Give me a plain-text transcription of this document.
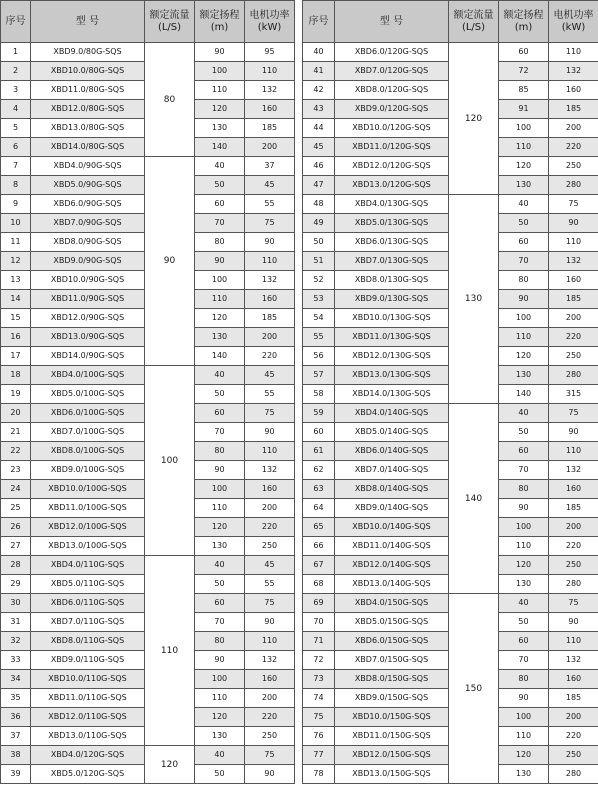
序号	型 号	额定流量
(L/S)	额定扬程
(m)	电机功率
(kW)

1	XBD9.0/80G-SQS	80	90	95
2	XBD10.0/80G-SQS		100	110
3	XBD11.0/80G-SQS		110	132
4	XBD12.0/80G-SQS		120	160
5	XBD13.0/80G-SQS		130	185
6	XBD14.0/80G-SQS		140	200
7	XBD4.0/90G-SQS	90	40	37
8	XBD5.0/90G-SQS		50	45
9	XBD6.0/90G-SQS		60	55
10	XBD7.0/90G-SQS		70	75
11	XBD8.0/90G-SQS		80	90
12	XBD9.0/90G-SQS		90	110
13	XBD10.0/90G-SQS		100	132
14	XBD11.0/90G-SQS		110	160
15	XBD12.0/90G-SQS		120	185
16	XBD13.0/90G-SQS		130	200
17	XBD14.0/90G-SQS		140	220
18	XBD4.0/100G-SQS	100	40	45
19	XBD5.0/100G-SQS		50	55
20	XBD6.0/100G-SQS		60	75
21	XBD7.0/100G-SQS		70	90
22	XBD8.0/100G-SQS		80	110
23	XBD9.0/100G-SQS		90	132
24	XBD10.0/100G-SQS		100	160
25	XBD11.0/100G-SQS		110	200
26	XBD12.0/100G-SQS		120	220
27	XBD13.0/100G-SQS		130	250
28	XBD4.0/110G-SQS	110	40	45
29	XBD5.0/110G-SQS		50	55
30	XBD6.0/110G-SQS		60	75
31	XBD7.0/110G-SQS		70	90
32	XBD8.0/110G-SQS		80	110
33	XBD9.0/110G-SQS		90	132
34	XBD10.0/110G-SQS		100	160
35	XBD11.0/110G-SQS		110	200
36	XBD12.0/110G-SQS		120	220
37	XBD13.0/110G-SQS		130	250
38	XBD4.0/120G-SQS	120	40	75
39	XBD5.0/120G-SQS		50	90
序号	型 号	额定流量
(L/S)	额定扬程
(m)	电机功率
(kW)

40	XBD6.0/120G-SQS	120	60	110
41	XBD7.0/120G-SQS		72	132
42	XBD8.0/120G-SQS		85	160
43	XBD9.0/120G-SQS		91	185
44	XBD10.0/120G-SQS		100	200
45	XBD11.0/120G-SQS		110	220
46	XBD12.0/120G-SQS		120	250
47	XBD13.0/120G-SQS		130	280
48	XBD4.0/130G-SQS	130	40	75
49	XBD5.0/130G-SQS		50	90
50	XBD6.0/130G-SQS		60	110
51	XBD7.0/130G-SQS		70	132
52	XBD8.0/130G-SQS		80	160
53	XBD9.0/130G-SQS		90	185
54	XBD10.0/130G-SQS		100	200
55	XBD11.0/130G-SQS		110	220
56	XBD12.0/130G-SQS		120	250
57	XBD13.0/130G-SQS		130	280
58	XBD14.0/130G-SQS		140	315
59	XBD4.0/140G-SQS	140	40	75
60	XBD5.0/140G-SQS		50	90
61	XBD6.0/140G-SQS		60	110
62	XBD7.0/140G-SQS		70	132
63	XBD8.0/140G-SQS		80	160
64	XBD9.0/140G-SQS		90	185
65	XBD10.0/140G-SQS		100	200
66	XBD11.0/140G-SQS		110	220
67	XBD12.0/140G-SQS		120	250
68	XBD13.0/140G-SQS		130	280
69	XBD4.0/150G-SQS	150	40	75
70	XBD5.0/150G-SQS		50	90
71	XBD6.0/150G-SQS		60	110
72	XBD7.0/150G-SQS		70	132
73	XBD8.0/150G-SQS		80	160
74	XBD9.0/150G-SQS		90	185
75	XBD10.0/150G-SQS		100	200
76	XBD11.0/150G-SQS		110	220
77	XBD12.0/150G-SQS		120	250
78	XBD13.0/150G-SQS		130	280
